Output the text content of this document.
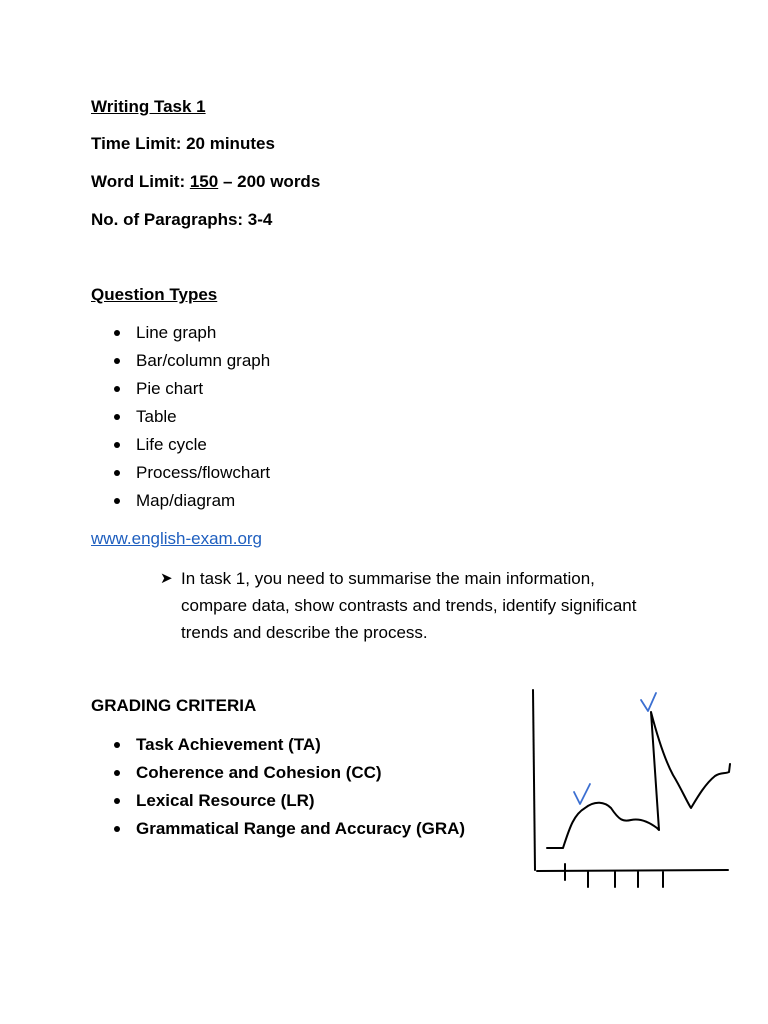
Writing Task 1
Time Limit: 20 minutes
Word Limit: 150 – 200 words
No. of Paragraphs: 3-4
Question Types
Line graph
Bar/column graph
Pie chart
Table
Life cycle
Process/flowchart
Map/diagram
www.english-exam.org
➤ In task 1, you need to summarise the main information, compare data, show contrasts and trends, identify significant trends and describe the process.
GRADING CRITERIA
Task Achievement (TA)
Coherence and Cohesion (CC)
Lexical Resource (LR)
Grammatical Range and Accuracy (GRA)
